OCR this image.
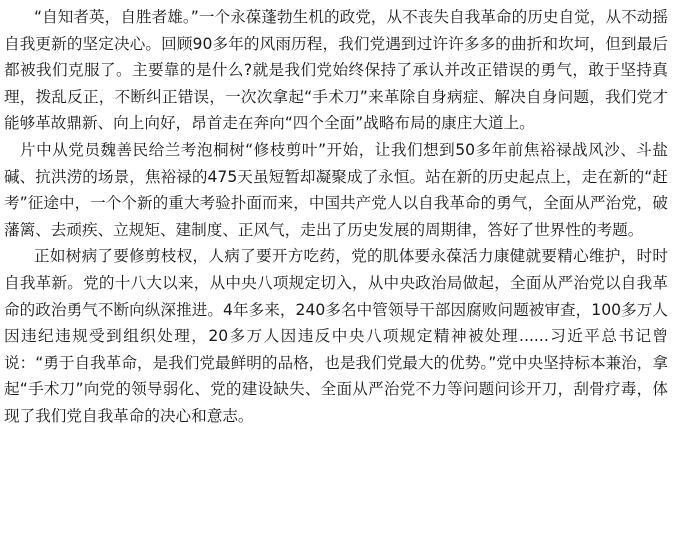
“自知者英，自胜者雄。”一个永葆蓬勃生机的政党，从不丧失自我革命的历史自觉，从不动摇自我更新的坚定决心。回顾90多年的风雨历程，我们党遇到过许许多多的曲折和坎坷，但到最后都被我们克服了。主要靠的是什么?就是我们党始终保持了承认并改正错误的勇气，敢于坚持真理，拨乱反正，不断纠正错误，一次次拿起“手术刀”来革除自身病症、解决自身问题，我们党才能够革故鼎新、向上向好，昂首走在奔向“四个全面”战略布局的康庄大道上。

片中从党员魏善民给兰考泡桐树“修枝剪叶”开始，让我们想到50多年前焦裕禄战风沙、斗盐碱、抗洪涝的场景，焦裕禄的475天虽短暂却凝聚成了永恒。站在新的历史起点上，走在新的“赶考”征途中，一个个新的重大考验扑面而来，中国共产党人以自我革命的勇气，全面从严治党，破藩篱、去顽疾、立规矩、建制度、正风气，走出了历史发展的周期律，答好了世界性的考题。

正如树病了要修剪枝杈，人病了要开方吃药，党的肌体要永葆活力康健就要精心维护，时时自我革新。党的十八大以来，从中央八项规定切入，从中央政治局做起，全面从严治党以自我革命的政治勇气不断向纵深推进。4年多来，240多名中管领导干部因腐败问题被审查，100多万人因违纪违规受到组织处理，20多万人因违反中央八项规定精神被处理......习近平总书记曾说：“勇于自我革命，是我们党最鲜明的品格，也是我们党最大的优势。”党中央坚持标本兼治，拿起“手术刀”向党的领导弱化、党的建设缺失、全面从严治党不力等问题问诊开刀，刮骨疗毒，体现了我们党自我革命的决心和意志。
